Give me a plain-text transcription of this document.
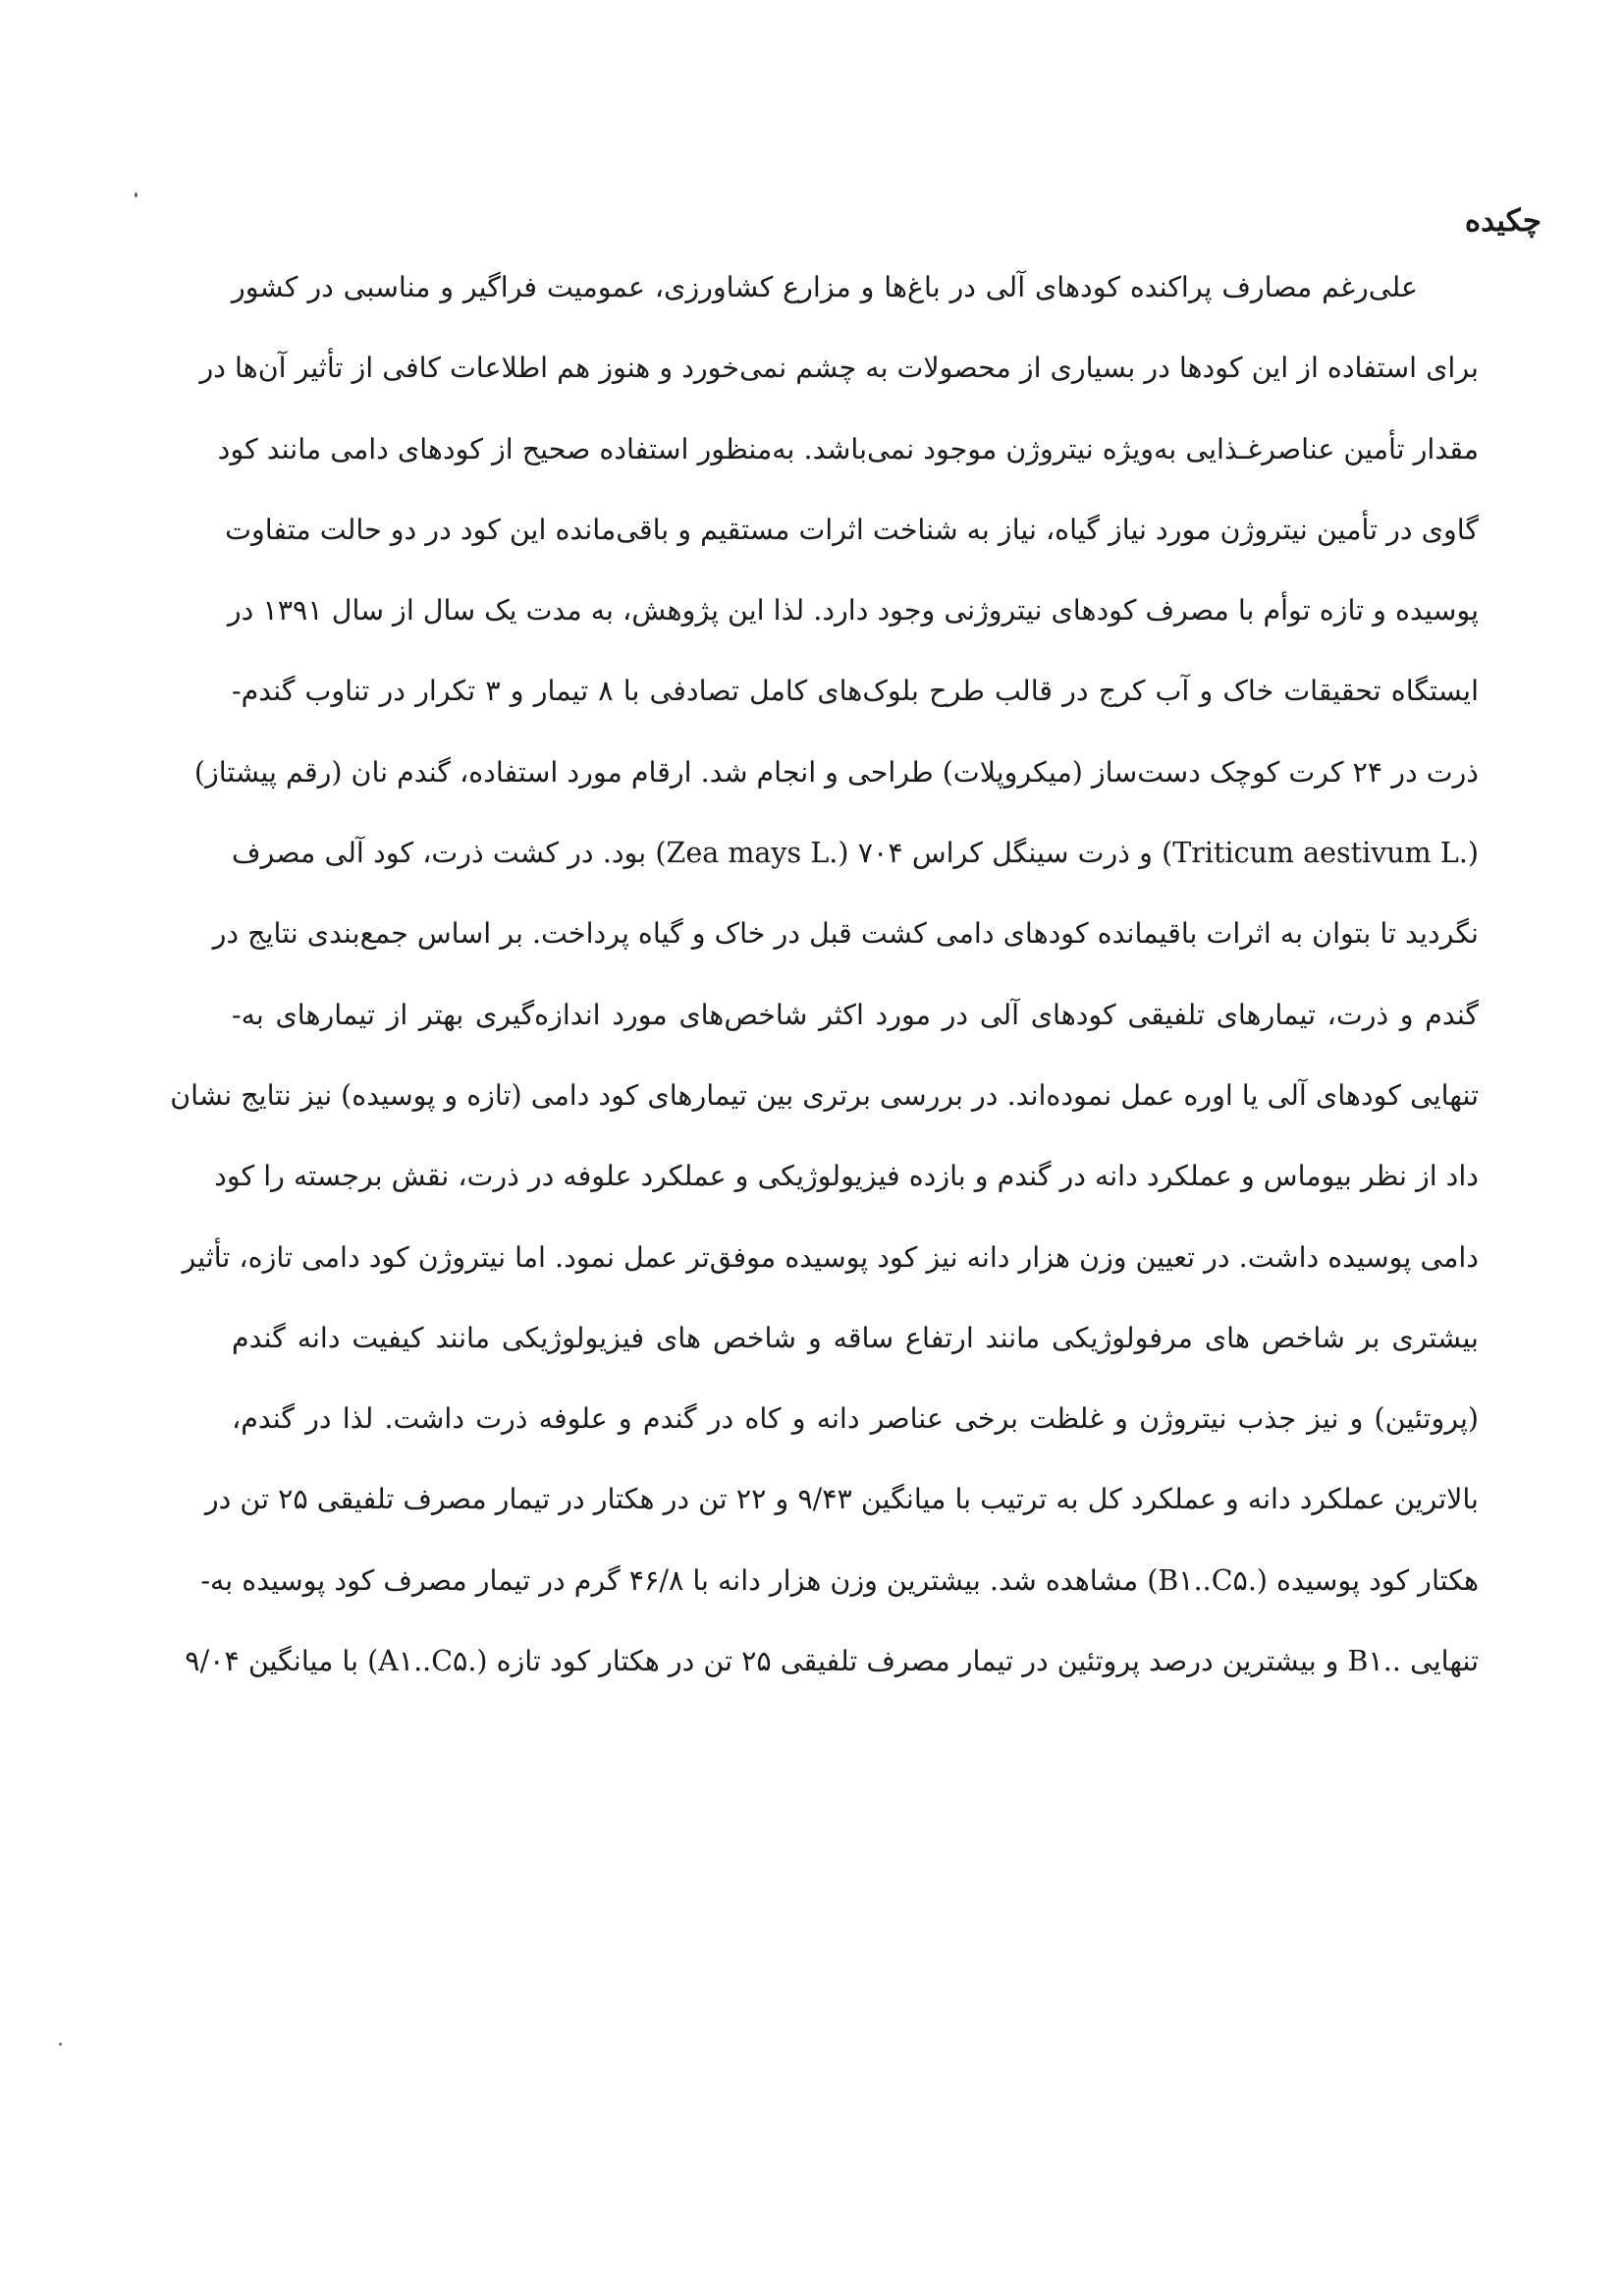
چکیده
علی‌رغم مصارف پراکنده کودهای آلی در باغ‌ها و مزارع کشاورزی، عمومیت فراگیر و مناسبی در کشور
برای استفاده از این کودها در بسیاری از محصولات به چشم نمی‌خورد و هنوز هم اطلاعات کافی از تأثیر آن‌ها در
مقدار تأمین عناصرغـذایی به‌ویژه نیتروژن موجود نمی‌باشد. به‌منظور استفاده صحیح از کودهای دامی مانند کود
گاوی در تأمین نیتروژن مورد نیاز گیاه، نیاز به شناخت اثرات مستقیم و باقی‌مانده این کود در دو حالت متفاوت
پوسیده و تازه توأم با مصرف کودهای نیتروژنی وجود دارد. لذا این پژوهش، به مدت یک سال از سال ۱۳۹۱ در
ایستگاه تحقیقات خاک و آب کرج در قالب طرح بلوک‌های کامل تصادفی با ۸ تیمار و ۳ تکرار در تناوب گندم-
ذرت در ۲۴ کرت کوچک دست‌ساز (میکروپلات) طراحی و انجام شد. ارقام مورد استفاده، گندم نان (رقم پیشتاز)
(.Triticum aestivum L) و ذرت سینگل کراس ۷۰۴ (.Zea mays L) بود. در کشت ذرت، کود آلی مصرف
نگردید تا بتوان به اثرات باقیمانده کودهای دامی کشت قبل در خاک و گیاه پرداخت. بر اساس جمع‌بندی نتایج در
گندم و ذرت، تیمارهای تلفیقی کودهای آلی در مورد اکثر شاخص‌های مورد اندازه‌گیری بهتر از تیمارهای به-
تنهایی کودهای آلی یا اوره عمل نموده‌اند. در بررسی برتری بین تیمارهای کود دامی (تازه و پوسیده) نیز نتایج نشان
داد از نظر بیوماس و عملکرد دانه در گندم و بازده فیزیولوژیکی و عملکرد علوفه در ذرت، نقش برجسته را کود
دامی پوسیده داشت. در تعیین وزن هزار دانه نیز کود پوسیده موفق‌تر عمل نمود. اما نیتروژن کود دامی تازه، تأثیر
بیشتری بر شاخص های مرفولوژیکی مانند ارتفاع ساقه و شاخص های فیزیولوژیکی مانند کیفیت دانه گندم
(پروتئین) و نیز جذب نیتروژن و غلظت برخی عناصر دانه و کاه در گندم و علوفه ذرت داشت. لذا در گندم،
بالاترین عملکرد دانه و عملکرد کل به ترتیب با میانگین ۹/۴۳ و ۲۲ تن در هکتار در تیمار مصرف تلفیقی ۲۵ تن در
هکتار کود پوسیده (.B۱..C۵) مشاهده شد. بیشترین وزن هزار دانه با ۴۶/۸ گرم در تیمار مصرف کود پوسیده به-
تنهایی ..B۱ و بیشترین درصد پروتئین در تیمار مصرف تلفیقی ۲۵ تن در هکتار کود تازه (.A۱..C۵) با میانگین ۹/۰۴
